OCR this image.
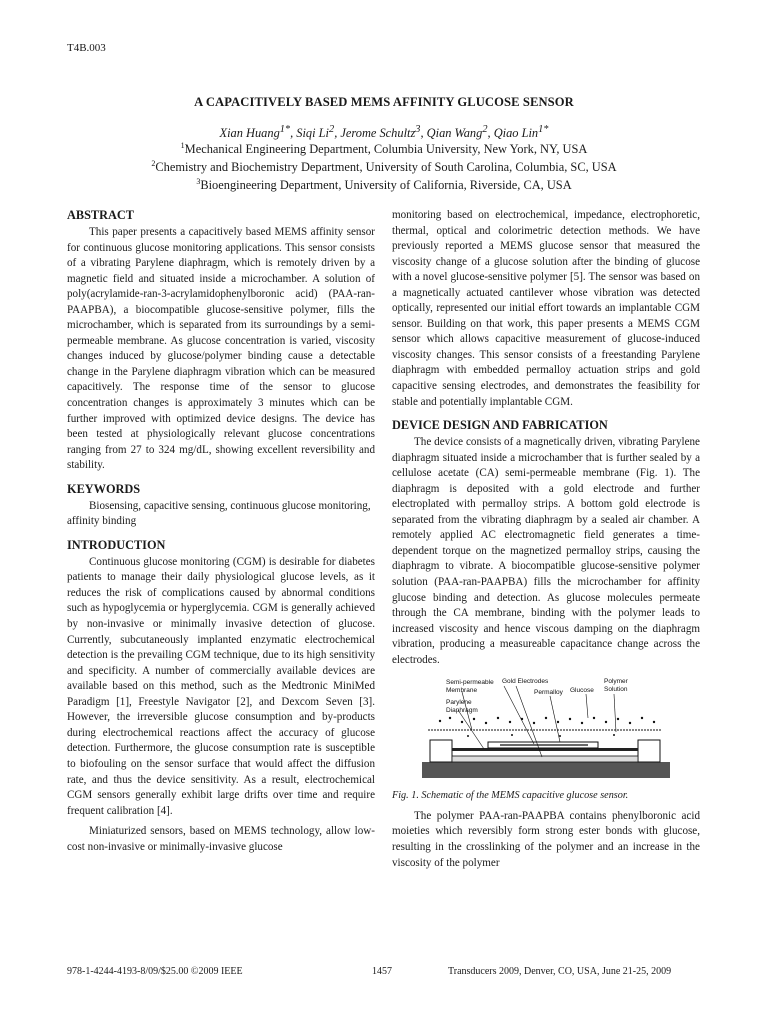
T4B.003
A CAPACITIVELY BASED MEMS AFFINITY GLUCOSE SENSOR
Xian Huang$^{1*}$, Siqi Li$^2$, Jerome Schultz$^3$, Qian Wang$^2$, Qiao Lin$^{1*}$
$^1$Mechanical Engineering Department, Columbia University, New York, NY, USA
$^2$Chemistry and Biochemistry Department, University of South Carolina, Columbia, SC, USA
$^3$Bioengineering Department, University of California, Riverside, CA, USA
ABSTRACT

This paper presents a capacitively based MEMS affinity sensor for continuous glucose monitoring applications. This sensor consists of a vibrating Parylene diaphragm, which is remotely driven by a magnetic field and situated inside a microchamber. A solution of poly(acrylamide-ran-3-acrylamidophenylboronic acid) (PAA-ran-PAAPBA), a biocompatible glucose-sensitive polymer, fills the microchamber, which is separated from its surroundings by a semi-permeable membrane. As glucose concentration is varied, viscosity changes induced by glucose/polymer binding cause a detectable change in the Parylene diaphragm vibration which can be measured capacitively. The response time of the sensor to glucose concentration changes is approximately 3 minutes which can be further improved with optimized device designs. The device has been tested at physiologically relevant glucose concentrations ranging from 27 to 324 mg/dL, showing excellent reversibility and stability.

KEYWORDS

Biosensing, capacitive sensing, continuous glucose monitoring, affinity binding

INTRODUCTION

Continuous glucose monitoring (CGM) is desirable for diabetes patients to manage their daily physiological glucose levels, as it reduces the risk of complications caused by abnormal conditions such as hypoglycemia or hyperglycemia. CGM is generally achieved by non-invasive or minimally invasive detection of glucose. Currently, subcutaneously implanted enzymatic electrochemical detection is the prevailing CGM technique, due to its high sensitivity and specificity. A number of commercially available devices are available based on this method, such as the Medtronic MiniMed Paradigm [1], Freestyle Navigator [2], and Dexcom Seven [3]. However, the irreversible glucose consumption and by-products during electrochemical reactions affect the accuracy of glucose detection. Furthermore, the glucose consumption rate is susceptible to biofouling on the sensor surface that would affect the diffusion rate, and thus the device sensitivity. As a result, electrochemical CGM sensors generally exhibit large drifts over time and require frequent calibration [4].

Miniaturized sensors, based on MEMS technology, allow low-cost non-invasive or minimally-invasive glucose

monitoring based on electrochemical, impedance, electrophoretic, thermal, optical and colorimetric detection methods. We have previously reported a MEMS glucose sensor that measured the viscosity change of a glucose solution after the binding of glucose with a novel glucose-sensitive polymer [5]. The sensor was based on a magnetically actuated cantilever whose vibration was detected optically, represented our initial effort towards an implantable CGM sensor. Building on that work, this paper presents a MEMS CGM sensor which allows capacitive measurement of glucose-induced viscosity changes. This sensor consists of a freestanding Parylene diaphragm with embedded permalloy actuation strips and gold capacitive sensing electrodes, and demonstrates the feasibility for stable and potentially implantable CGM.

DEVICE DESIGN AND FABRICATION

The device consists of a magnetically driven, vibrating Parylene diaphragm situated inside a microchamber that is further sealed by a cellulose acetate (CA) semi-permeable membrane (Fig. 1). The diaphragm is deposited with a gold electrode and further electroplated with permalloy strips. A bottom gold electrode is separated from the vibrating diaphragm by a sealed air chamber. A remotely applied AC electromagnetic field generates a time-dependent torque on the magnetized permalloy strips, causing the diaphragm to vibrate. A biocompatible glucose-sensitive polymer solution (PAA-ran-PAAPBA) fills the microchamber for affinity glucose binding and detection. As glucose molecules permeate through the CA membrane, binding with the polymer leads to increased viscosity and hence viscous damping on the diaphragm vibration, producing a measureable capacitance change across the electrodes.

Semi-permeable
Membrane
Gold Electrodes
Permalloy Glucose
Polymer
Solution
Parylene
Diaphragm

Fig. 1. Schematic of the MEMS capacitive glucose sensor.

The polymer PAA-ran-PAAPBA contains phenylboronic acid moieties which reversibly form strong ester bonds with glucose, resulting in the crosslinking of the polymer and an increase in the viscosity of the polymer

978-1-4244-4193-8/09/$25.00 ©2009 IEEE	1457	Transducers 2009, Denver, CO, USA, June 21-25, 2009
